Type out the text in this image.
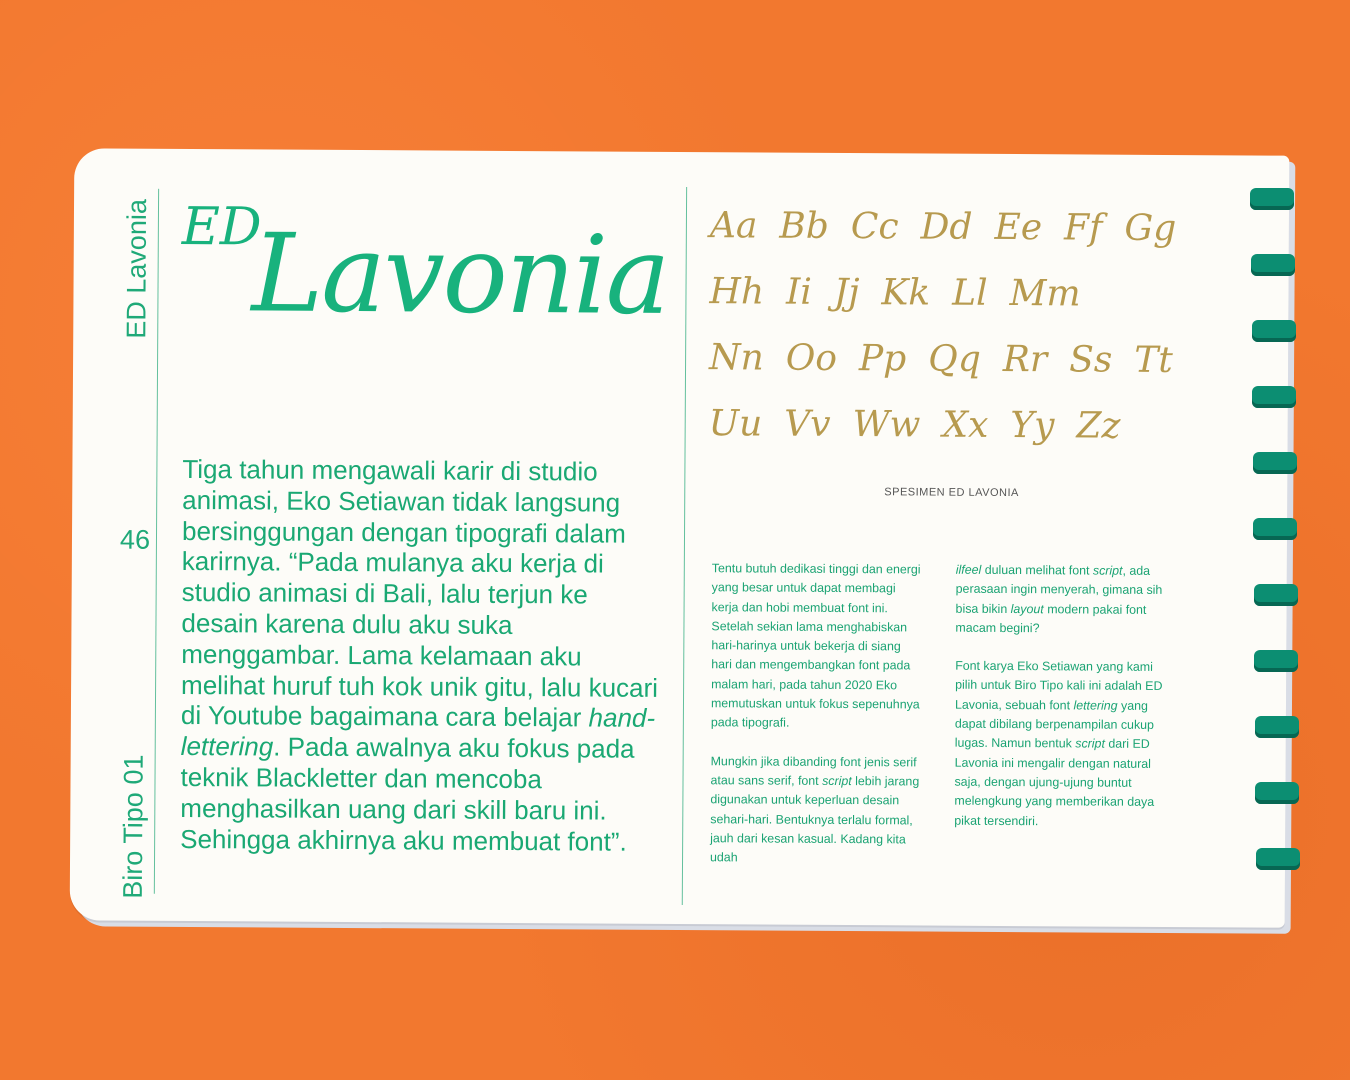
ED Lavonia
46
Biro Tipo 01
ED
Lavonia
Tiga tahun mengawali karir di studio animasi, Eko Setiawan tidak langsung bersinggungan dengan tipografi dalam karirnya. “Pada mulanya aku kerja di studio animasi di Bali, lalu terjun ke desain karena dulu aku suka menggambar. Lama kelamaan aku melihat huruf tuh kok unik gitu, lalu kucari di Youtube bagaimana cara belajar hand-lettering. Pada awalnya aku fokus pada teknik Blackletter dan mencoba menghasilkan uang dari skill baru ini. Sehingga akhirnya aku membuat font”.
Aa Bb Cc Dd Ee Ff Gg
Hh Ii Jj Kk Ll Mm
Nn Oo Pp Qq Rr Ss Tt
Uu Vv Ww Xx Yy Zz
SPESIMEN ED LAVONIA

Tentu butuh dedikasi tinggi dan energi yang besar untuk dapat membagi kerja dan hobi membuat font ini. Setelah sekian lama menghabiskan hari-harinya untuk bekerja di siang hari dan mengembangkan font pada malam hari, pada tahun 2020 Eko memutuskan untuk fokus sepenuhnya pada tipografi.

Mungkin jika dibanding font jenis serif atau sans serif, font script lebih jarang digunakan untuk keperluan desain sehari-hari. Bentuknya terlalu formal, jauh dari kesan kasual. Kadang kita udah

ilfeel duluan melihat font script, ada perasaan ingin menyerah, gimana sih bisa bikin layout modern pakai font macam begini?

Font karya Eko Setiawan yang kami pilih untuk Biro Tipo kali ini adalah ED Lavonia, sebuah font lettering yang dapat dibilang berpenampilan cukup lugas. Namun bentuk script dari ED Lavonia ini mengalir dengan natural saja, dengan ujung-ujung buntut melengkung yang memberikan daya pikat tersendiri.
